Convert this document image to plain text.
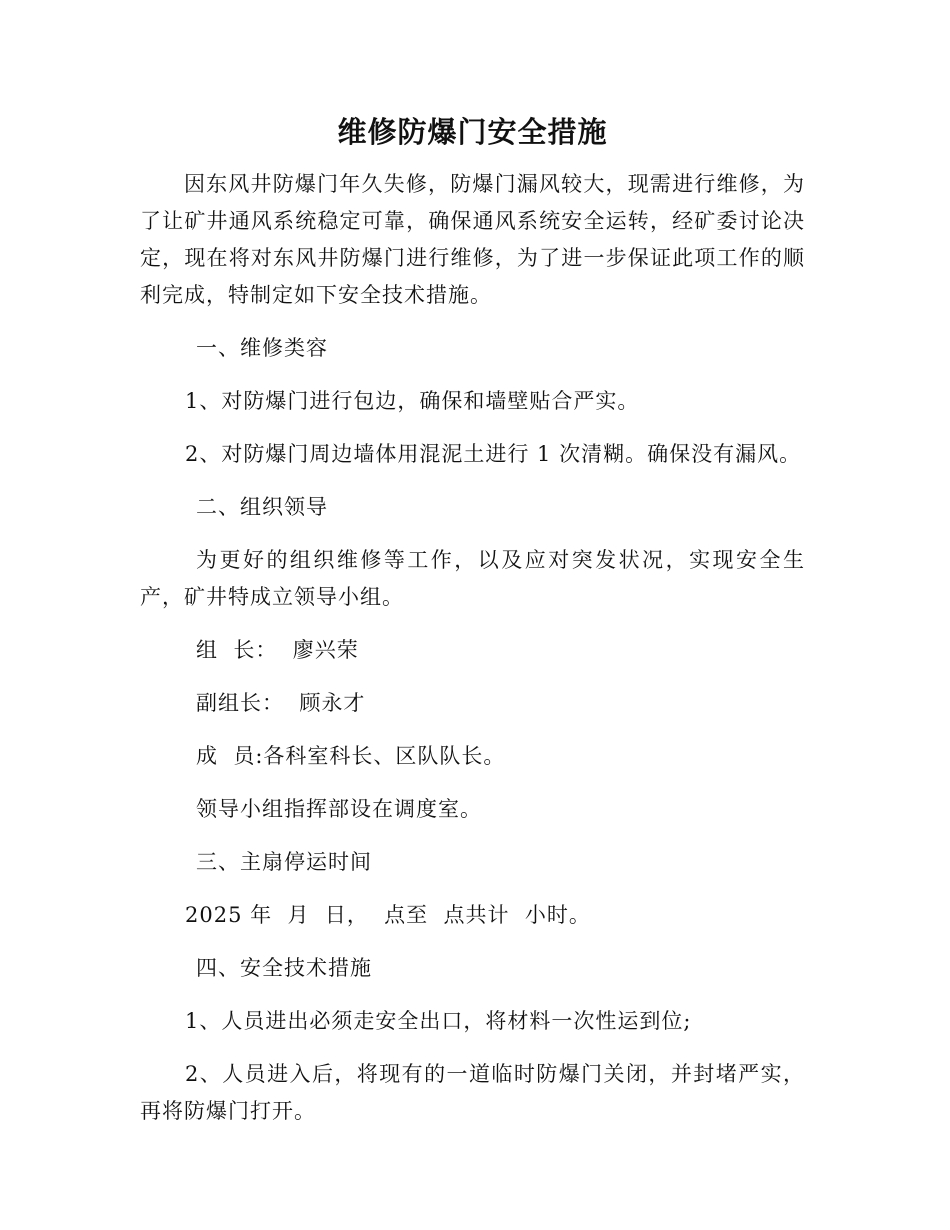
维修防爆门安全措施

因东风井防爆门年久失修，防爆门漏风较大，现需进行维修，为了让矿井通风系统稳定可靠，确保通风系统安全运转，经矿委讨论决定，现在将对东风井防爆门进行维修，为了进一步保证此项工作的顺利完成，特制定如下安全技术措施。

一、维修类容
1、对防爆门进行包边，确保和墙壁贴合严实。
2、对防爆门周边墙体用混泥土进行 1 次清糊。确保没有漏风。
二、组织领导

为更好的组织维修等工作，以及应对突发状况，实现安全生产，矿井特成立领导小组。

组  长：  廖兴荣
副组长：  顾永才
成  员:各科室科长、区队队长。
领导小组指挥部设在调度室。
三、主扇停运时间
2025 年  月  日，  点至  点共计  小时。
四、安全技术措施
1、人员进出必须走安全出口，将材料一次性运到位;

2、人员进入后，将现有的一道临时防爆门关闭，并封堵严实，再将防爆门打开。
